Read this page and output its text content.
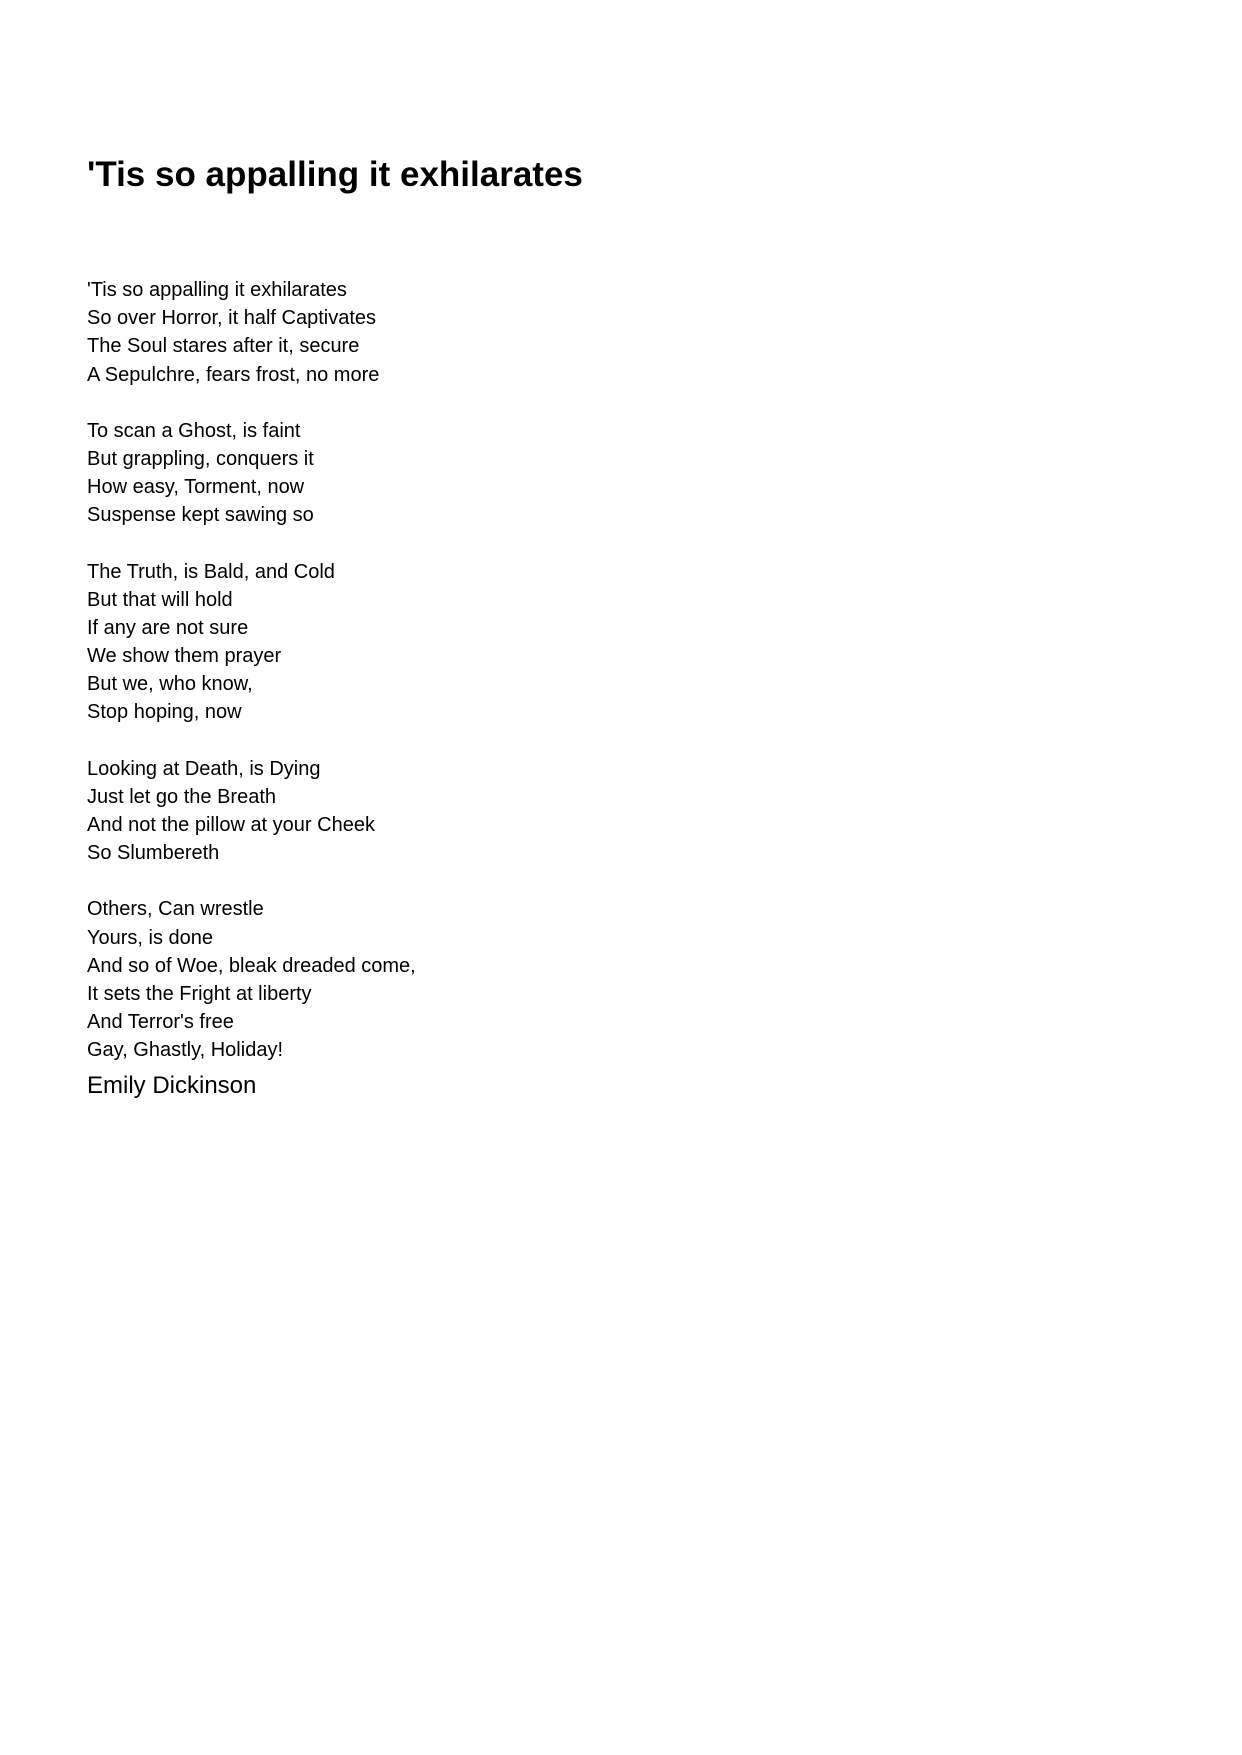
'Tis so appalling it exhilarates
'Tis so appalling it exhilarates
So over Horror, it half Captivates
The Soul stares after it, secure
A Sepulchre, fears frost, no more
To scan a Ghost, is faint
But grappling, conquers it
How easy, Torment, now
Suspense kept sawing so
The Truth, is Bald, and Cold
But that will hold
If any are not sure
We show them prayer
But we, who know,
Stop hoping, now
Looking at Death, is Dying
Just let go the Breath
And not the pillow at your Cheek
So Slumbereth
Others, Can wrestle
Yours, is done
And so of Woe, bleak dreaded come,
It sets the Fright at liberty
And Terror's free
Gay, Ghastly, Holiday!
Emily Dickinson
